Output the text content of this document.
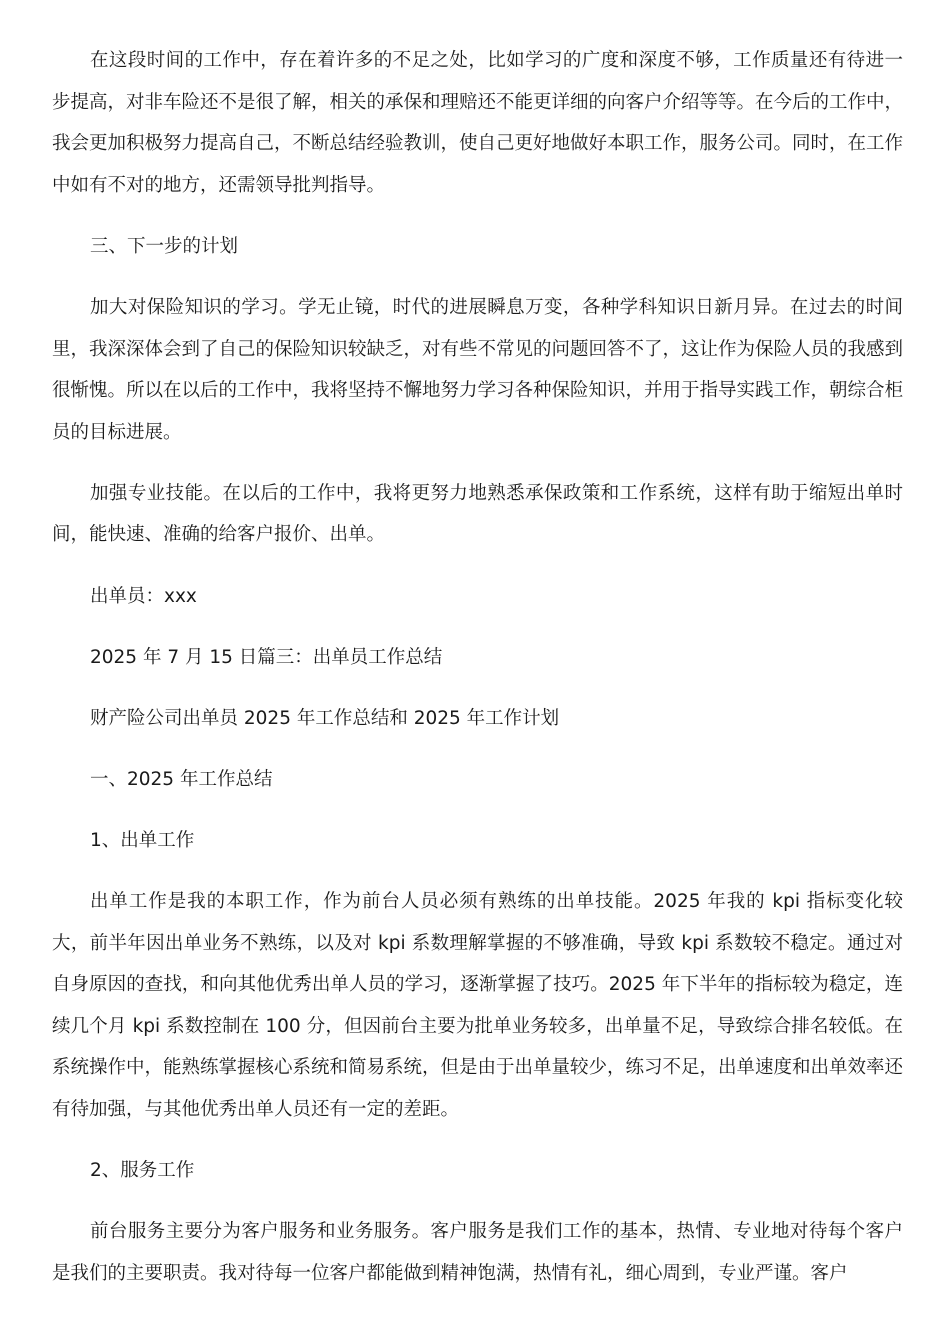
在这段时间的工作中，存在着许多的不足之处，比如学习的广度和深度不够，工作质量还有待进一步提高，对非车险还不是很了解，相关的承保和理赔还不能更详细的向客户介绍等等。在今后的工作中，我会更加积极努力提高自己，不断总结经验教训，使自己更好地做好本职工作，服务公司。同时，在工作中如有不对的地方，还需领导批判指导。

三、下一步的计划

加大对保险知识的学习。学无止镜，时代的进展瞬息万变，各种学科知识日新月异。在过去的时间里，我深深体会到了自己的保险知识较缺乏，对有些不常见的问题回答不了，这让作为保险人员的我感到很惭愧。所以在以后的工作中，我将坚持不懈地努力学习各种保险知识，并用于指导实践工作，朝综合柜员的目标进展。

加强专业技能。在以后的工作中，我将更努力地熟悉承保政策和工作系统，这样有助于缩短出单时间，能快速、准确的给客户报价、出单。

出单员：xxx

2025 年 7 月 15 日篇三：出单员工作总结

财产险公司出单员 2025 年工作总结和 2025 年工作计划

一、2025 年工作总结

1、出单工作

出单工作是我的本职工作，作为前台人员必须有熟练的出单技能。2025 年我的 kpi 指标变化较大，前半年因出单业务不熟练，以及对 kpi 系数理解掌握的不够准确，导致 kpi 系数较不稳定。通过对自身原因的查找，和向其他优秀出单人员的学习，逐渐掌握了技巧。2025 年下半年的指标较为稳定，连续几个月 kpi 系数控制在 100 分，但因前台主要为批单业务较多，出单量不足，导致综合排名较低。在系统操作中，能熟练掌握核心系统和简易系统，但是由于出单量较少，练习不足，出单速度和出单效率还有待加强，与其他优秀出单人员还有一定的差距。

2、服务工作

前台服务主要分为客户服务和业务服务。客户服务是我们工作的基本，热情、专业地对待每个客户是我们的主要职责。我对待每一位客户都能做到精神饱满，热情有礼，细心周到，专业严谨。客户
